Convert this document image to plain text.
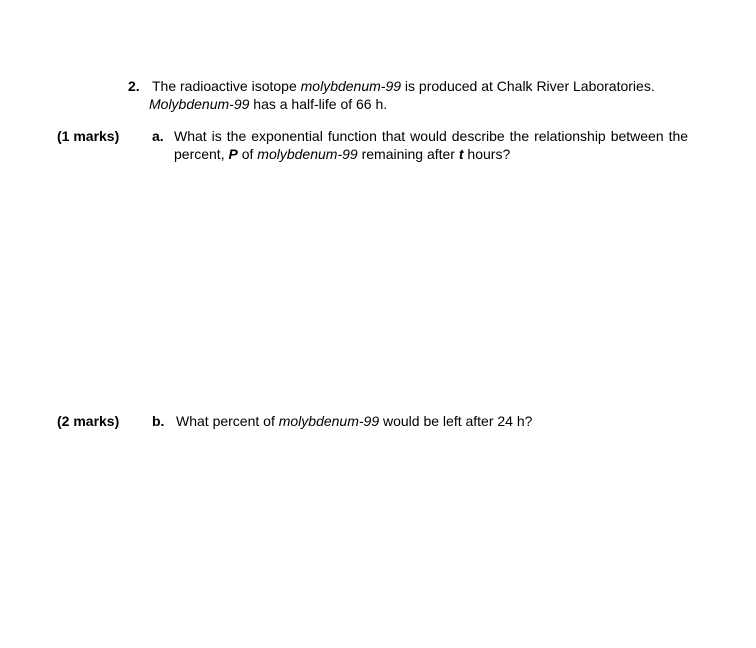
2. The radioactive isotope molybdenum-99 is produced at Chalk River Laboratories.
Molybdenum-99 has a half-life of 66 h.
(1 marks) a. What is the exponential function that would describe the relationship between the
percent, P of molybdenum-99 remaining after t hours?
(2 marks) b. What percent of molybdenum-99 would be left after 24 h?
